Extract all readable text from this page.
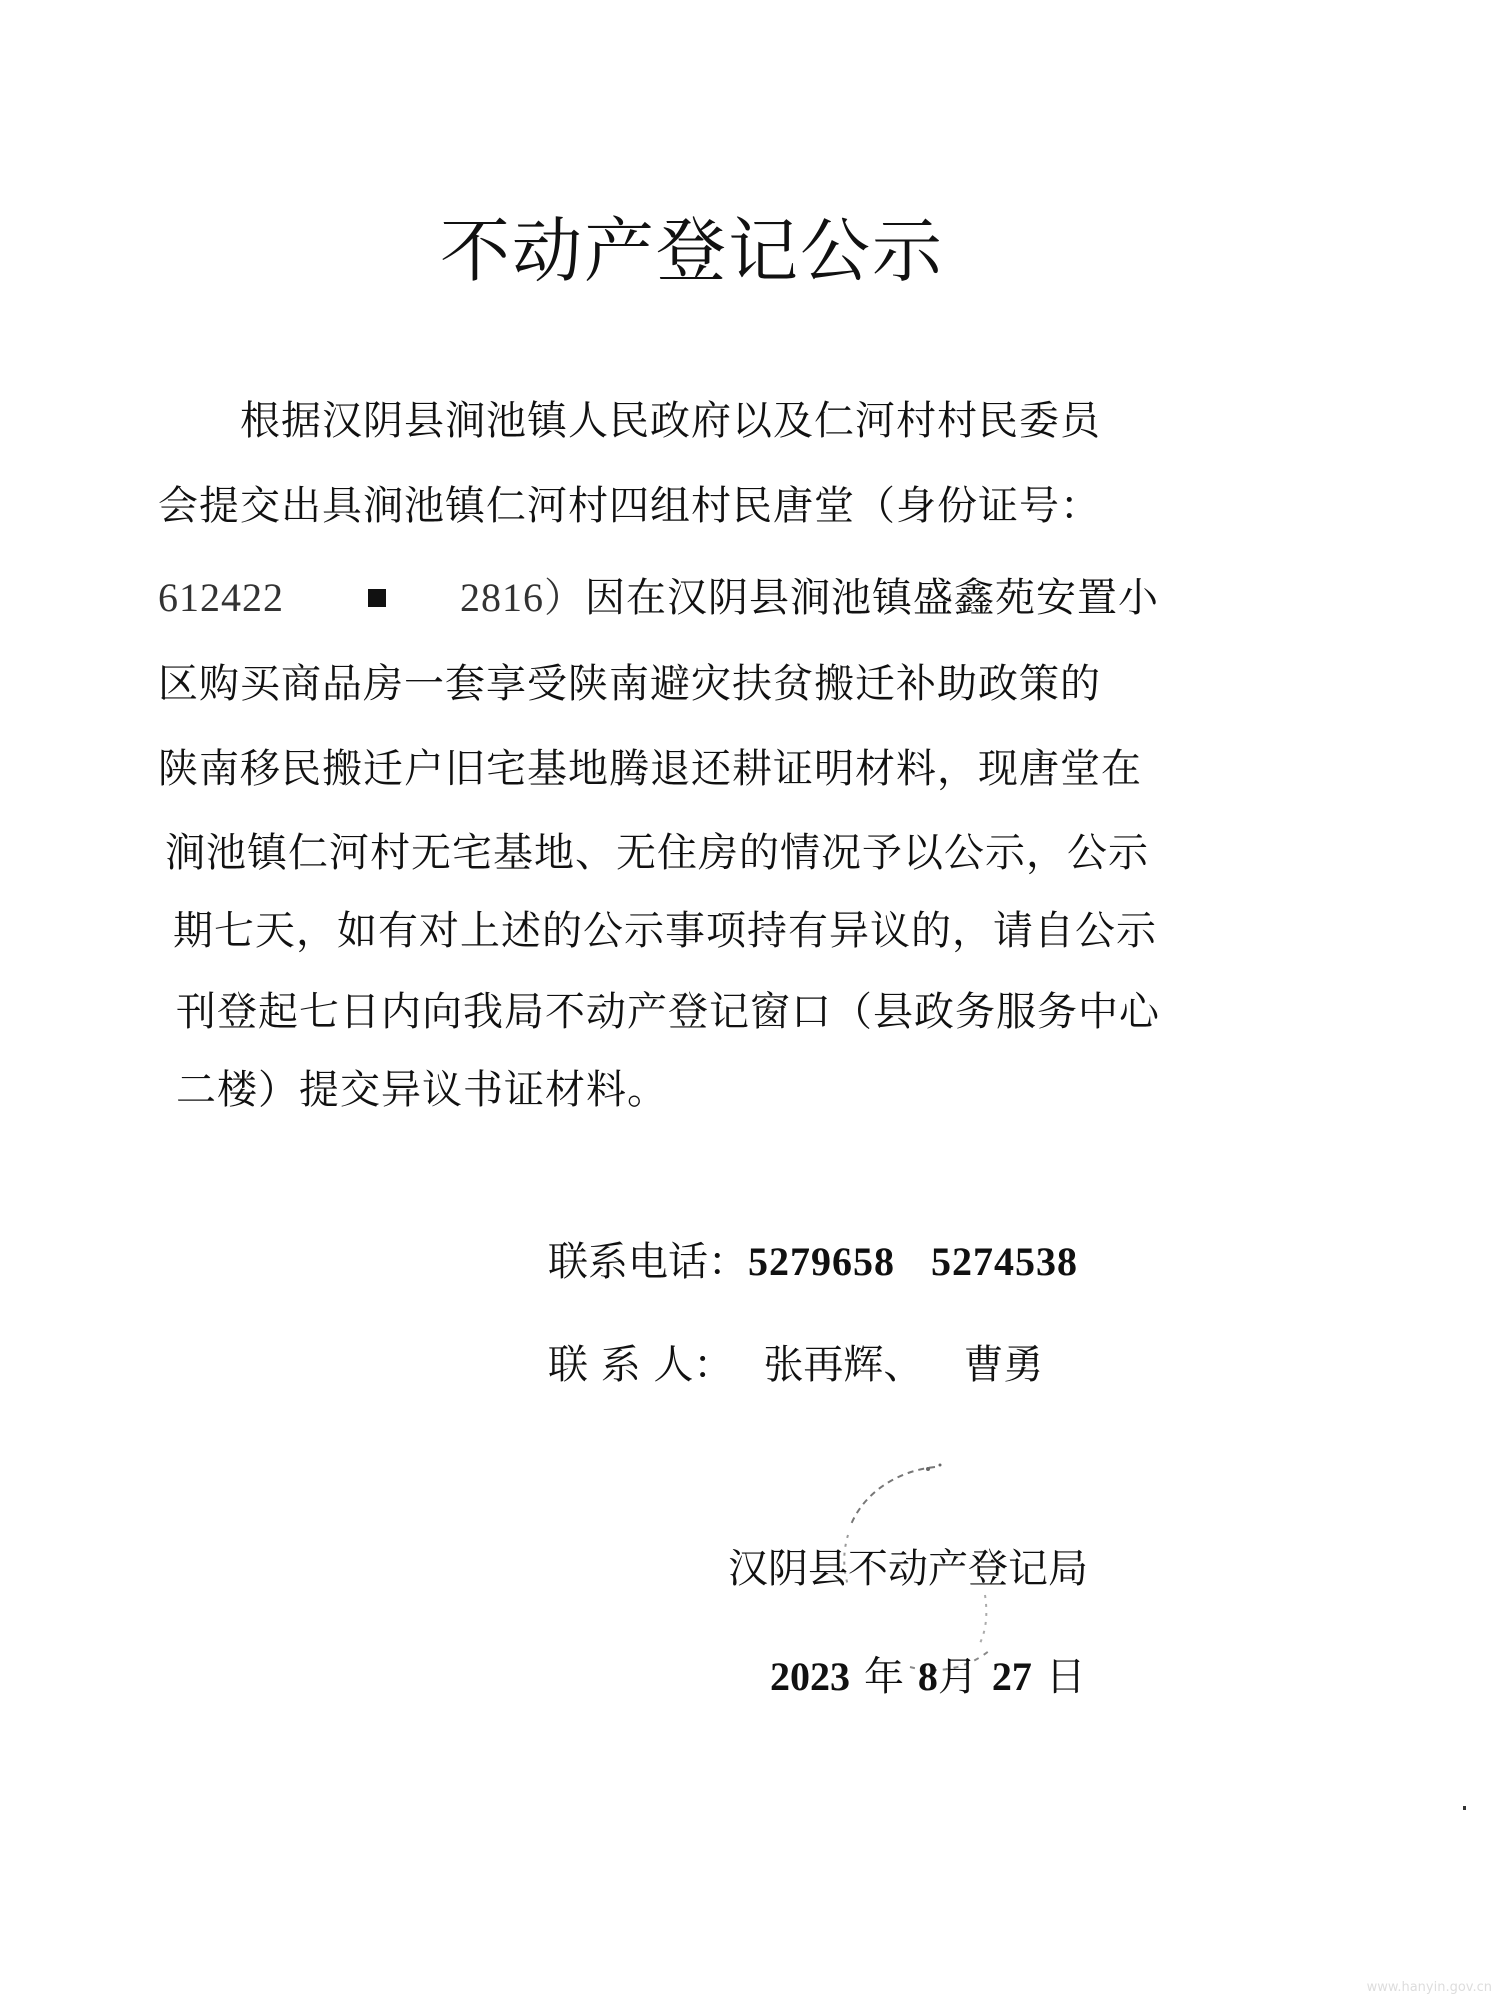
不动产登记公示
根据汉阴县涧池镇人民政府以及仁河村村民委员
会提交出具涧池镇仁河村四组村民唐堂（身份证号：
612422	2816）因在汉阴县涧池镇盛鑫苑安置小
区购买商品房一套享受陕南避灾扶贫搬迁补助政策的
陕南移民搬迁户旧宅基地腾退还耕证明材料，现唐堂在
涧池镇仁河村无宅基地、无住房的情况予以公示，公示
期七天，如有对上述的公示事项持有异议的，请自公示
刊登起七日内向我局不动产登记窗口（县政务服务中心
二楼）提交异议书证材料。
联系电话：5279658 5274538
联 系 人： 张再辉、 曹勇
汉阴县不动产登记局
2023 年 8月 27 日
www.hanyin.gov.cn
